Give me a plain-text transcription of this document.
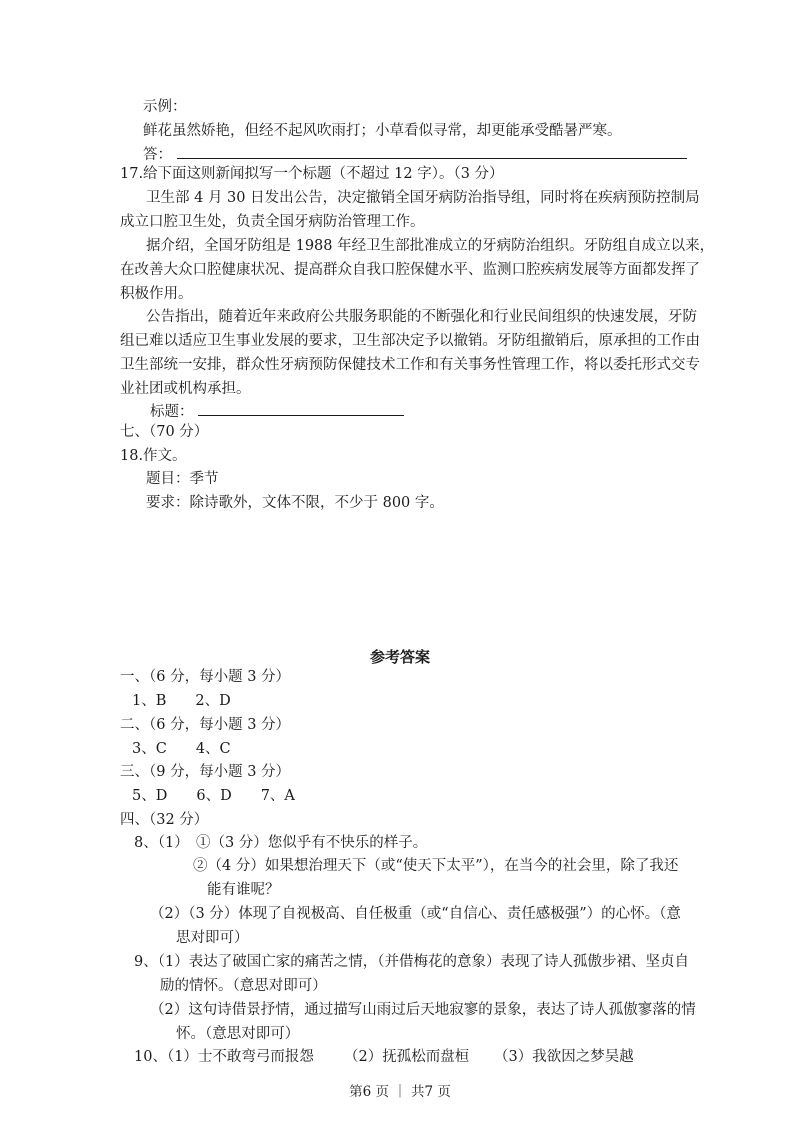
示例：
鲜花虽然娇艳，但经不起风吹雨打；小草看似寻常，却更能承受酷暑严寒。
答：
17.给下面这则新闻拟写一个标题（不超过 12 字）。（3 分）
卫生部 4 月 30 日发出公告，决定撤销全国牙病防治指导组，同时将在疾病预防控制局
成立口腔卫生处，负责全国牙病防治管理工作。
据介绍，全国牙防组是 1988 年经卫生部批准成立的牙病防治组织。牙防组自成立以来，
在改善大众口腔健康状况、提高群众自我口腔保健水平、监测口腔疾病发展等方面都发挥了
积极作用。
公告指出，随着近年来政府公共服务职能的不断强化和行业民间组织的快速发展，牙防
组已难以适应卫生事业发展的要求，卫生部决定予以撤销。牙防组撤销后，原承担的工作由
卫生部统一安排，群众性牙病预防保健技术工作和有关事务性管理工作，将以委托形式交专
业社团或机构承担。
标题：
七、（70 分）
18.作文。
题目：季节
要求：除诗歌外，文体不限，不少于 800 字。
参考答案
一、（6 分，每小题 3 分）
1、B　　2、D
二、（6 分，每小题 3 分）
3、C　　4、C
三、（9 分，每小题 3 分）
5、D　　6、D　　7、A
四、（32 分）
8、（1）　①（3 分）您似乎有不快乐的样子。
②（4 分）如果想治理天下（或“使天下太平”），在当今的社会里，除了我还
能有谁呢？
（2）（3 分）体现了自视极高、自任极重（或“自信心、责任感极强”）的心怀。（意
思对即可）
9、（1）表达了破国亡家的痛苦之情，（并借梅花的意象）表现了诗人孤傲步裙、坚贞自
励的情怀。（意思对即可）
（2）这句诗借景抒情，通过描写山雨过后天地寂寥的景象，表达了诗人孤傲寥落的情
怀。（意思对即可）
10、（1）士不敢弯弓而报怨 （2）抚孤松而盘桓 （3）我欲因之梦吴越
第6 页 ｜ 共7 页
